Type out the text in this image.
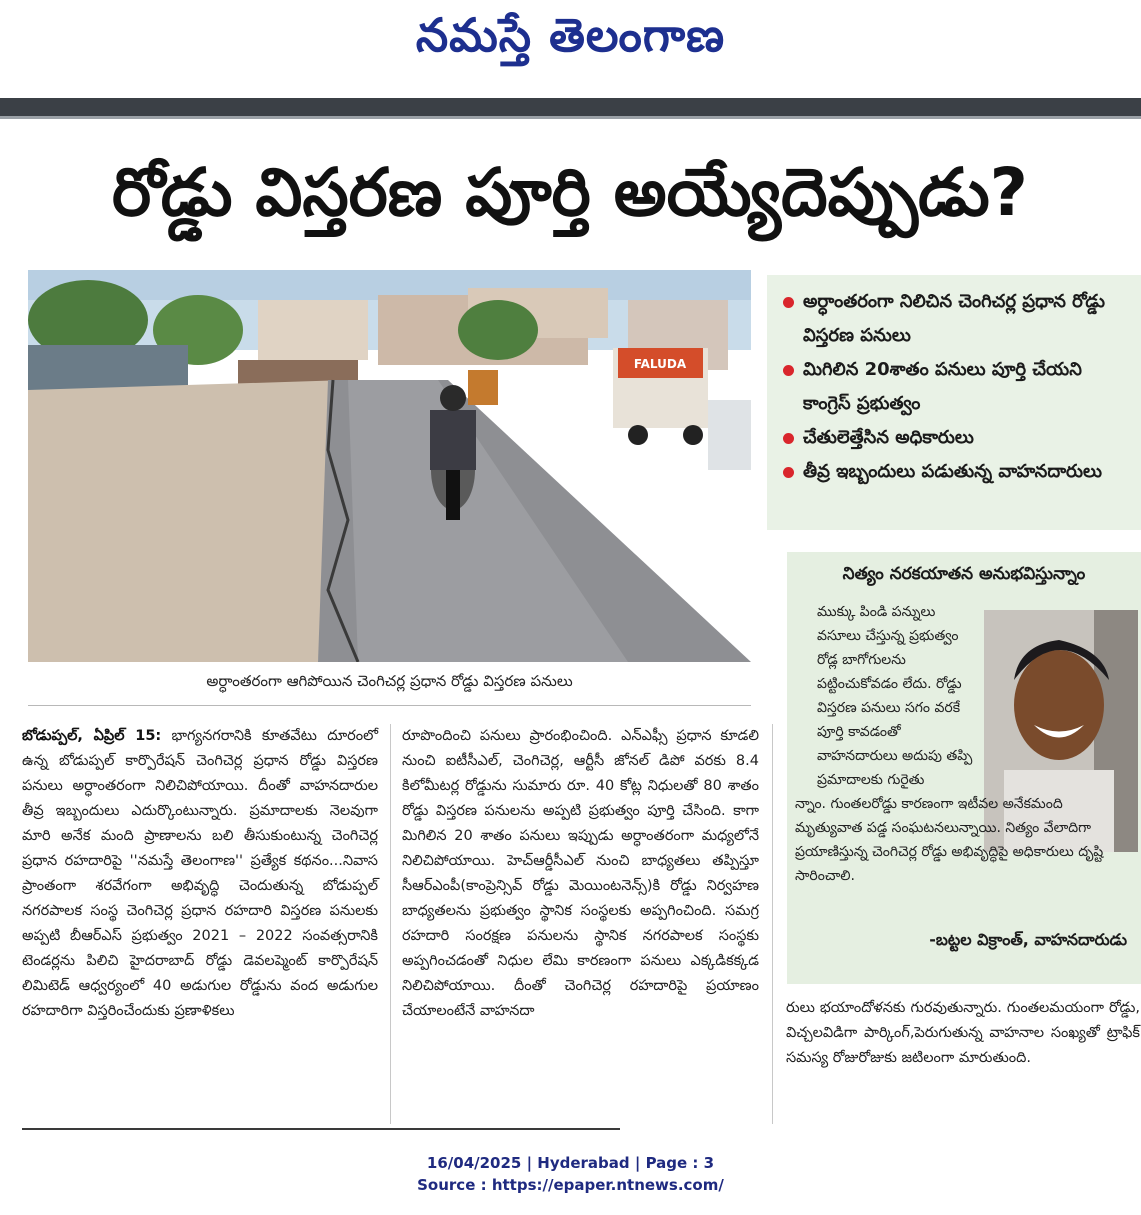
నమస్తే తెలంగాణ
రోడ్డు విస్తరణ పూర్తి అయ్యేదెప్పుడు?
FALUDA
అర్ధాంతరంగా ఆగిపోయిన చెంగిచర్ల ప్రధాన రోడ్డు విస్తరణ పనులు
అర్ధాంతరంగా నిలిచిన చెంగిచర్ల ప్రధాన రోడ్డు విస్తరణ పనులు
మిగిలిన 20శాతం పనులు పూర్తి చేయని కాంగ్రెస్ ప్రభుత్వం
చేతులెత్తేసిన అధికారులు
తీవ్ర ఇబ్బందులు పడుతున్న వాహనదారులు
నిత్యం నరకయాతన అనుభవిస్తున్నాం
ముక్కు పిండి పన్నులు వసూలు చేస్తున్న ప్రభుత్వం రోడ్ల బాగోగులను పట్టించుకోవడం లేదు. రోడ్డు విస్తరణ పనులు సగం వరకే పూర్తి కావడంతో వాహనదారులు అదుపు తప్పి ప్రమాదాలకు గురైతు
న్నాం. గుంతలరోడ్డు కారణంగా ఇటీవల అనేకమంది మృత్యువాత పడ్డ సంఘటనలున్నాయి. నిత్యం వేలాదిగా ప్రయాణిస్తున్న చెంగిచెర్ల రోడ్డు అభివృద్ధిపై అధికారులు దృష్టి సారించాలి.
-బట్టల విక్రాంత్, వాహనదారుడు
బోడుప్పల్, ఏప్రిల్ 15: భాగ్యనగరానికి కూతవేటు దూరంలో ఉన్న బోడుప్పల్ కార్పొరేషన్ చెంగిచెర్ల ప్రధాన రోడ్డు విస్తరణ పనులు అర్ధాంతరంగా నిలిచిపోయాయి. దీంతో వాహనదారుల తీవ్ర ఇబ్బందులు ఎదుర్కొంటున్నారు. ప్రమాదాలకు నెలవుగా మారి అనేక మంది ప్రాణాలను బలి తీసుకుంటున్న చెంగిచెర్ల ప్రధాన రహదారిపై ''నమస్తే తెలంగాణ'' ప్రత్యేక కథనం...నివాస ప్రాంతంగా శరవేగంగా అభివృద్ధి చెందుతున్న బోడుప్పల్ నగరపాలక సంస్థ చెంగిచెర్ల ప్రధాన రహదారి విస్తరణ పనులకు అప్పటి బీఆర్ఎస్ ప్రభుత్వం 2021 – 2022 సంవత్సరానికి టెండర్లను పిలిచి హైదరాబాద్ రోడ్డు డెవలప్మెంట్ కార్పొరేషన్ లిమిటెడ్ ఆధ్వర్యంలో 40 అడుగుల రోడ్డును వంద అడుగుల రహదారిగా విస్తరించేందుకు ప్రణాళికలు
రూపొందించి పనులు ప్రారంభించింది. ఎన్ఎఫ్సీ ప్రధాన కూడలి నుంచి ఐటీసీఎల్, చెంగిచెర్ల, ఆర్టీసీ జోనల్ డిపో వరకు 8.4 కిలోమీటర్ల రోడ్డును సుమారు రూ. 40 కోట్ల నిధులతో 80 శాతం రోడ్డు విస్తరణ పనులను అప్పటి ప్రభుత్వం పూర్తి చేసింది. కాగా మిగిలిన 20 శాతం పనులు ఇప్పుడు అర్ధాంతరంగా మధ్యలోనే నిలిచిపోయాయి. హెచ్ఆర్డీసీఎల్ నుంచి బాధ్యతలు తప్పిస్తూ సీఆర్ఎంపీ(కాంప్రెన్సివ్ రోడ్డు మెయింటనెన్స్)కి రోడ్డు నిర్వహణ బాధ్యతలను ప్రభుత్వం స్థానిక సంస్థలకు అప్పగించింది. సమగ్ర రహదారి సంరక్షణ పనులను స్థానిక నగరపాలక సంస్థకు అప్పగించడంతో నిధుల లేమి కారణంగా పనులు ఎక్కడికక్కడ నిలిచిపోయాయి. దీంతో చెంగిచెర్ల రహదారిపై ప్రయాణం చేయాలంటేనే వాహనదా	రులు భయాందోళనకు గురవుతున్నారు. గుంతలమయంగా రోడ్డు, విచ్చలవిడిగా పార్కింగ్,పెరుగుతున్న వాహనాల సంఖ్యతో ట్రాఫిక్ సమస్య రోజురోజుకు జటిలంగా మారుతుంది.
16/04/2025 | Hyderabad | Page : 3
Source : https://epaper.ntnews.com/
